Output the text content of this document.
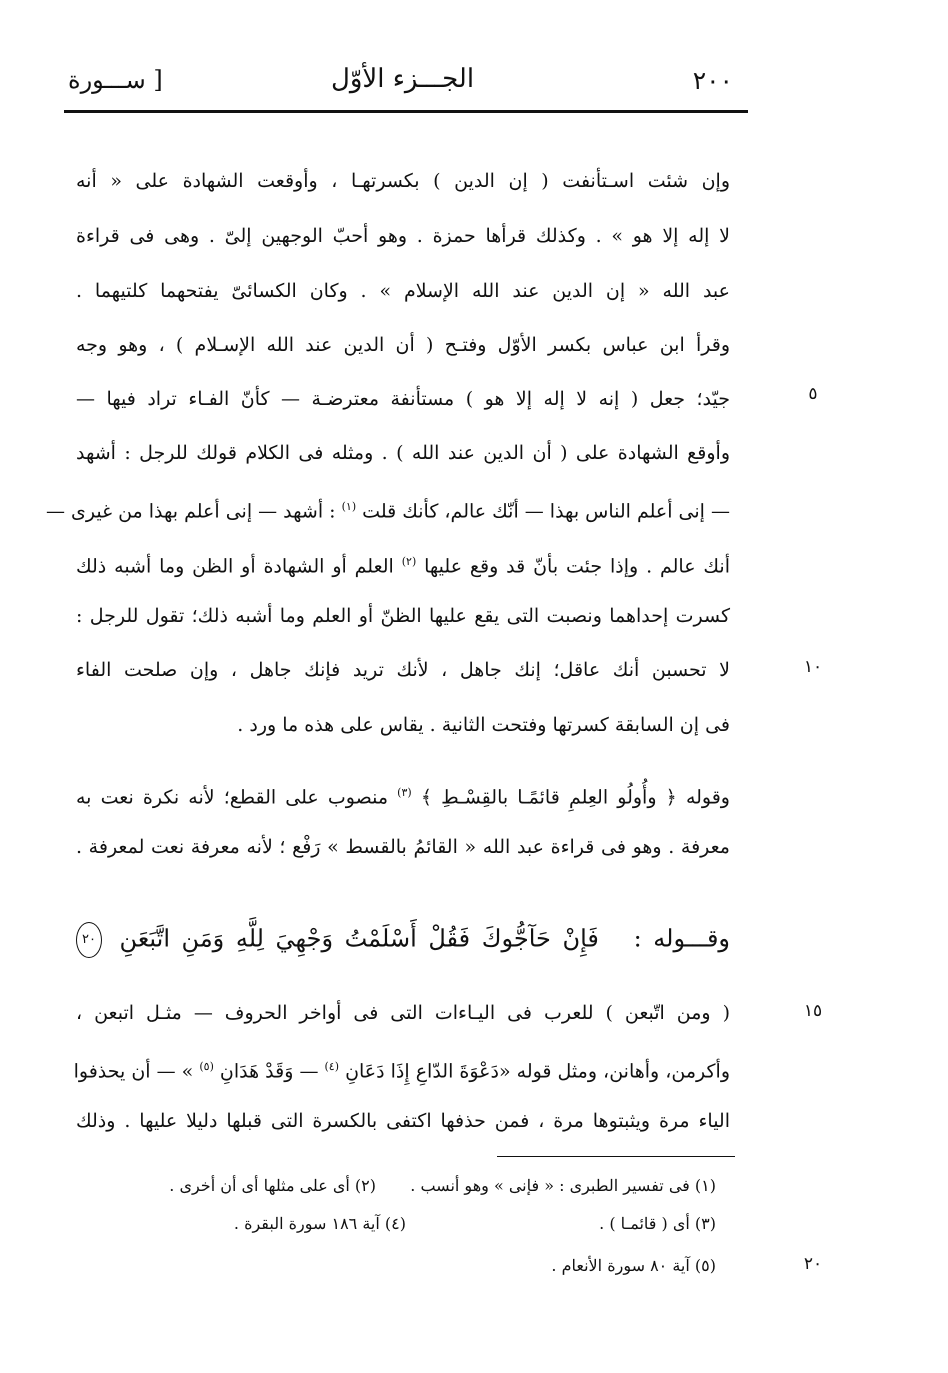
٢٠٠
الجـــزء الأوّل
[ ســـورة
٥
١٠
١٥
٢٠
وإن شئت اسـتأنفت ( إن الدين ) بكسرتهـا ، وأوقعت الشهادة على « أنه
لا إله إلا هو » . وكذلك قرأها حمزة . وهو أحبّ الوجهين إلىّ . وهى فى قراءة
عبد الله « إن الدين عند الله الإسلام » . وكان الكسائىّ يفتحهما كلتيهما .
وقرأ ابن عباس بكسر الأوّل وفتـح ( أن الدين عند الله الإسـلام ) ، وهو وجه
جيّد؛ جعل ( إنه لا إله إلا هو ) مستأنفة معترضـة — كأنّ الفـاء تراد فيها —
وأوقع الشهادة على ( أن الدين عند الله ) . ومثله فى الكلام قولك للرجل : أشهد
— إنى أعلم الناس بهذا — أنّك عالم، كأنك قلت $^{(١)}$ : أشهد — إنى أعلم بهذا من غيرى —
أنك عالم . وإذا جئت بأنّ قد وقع عليها $^{(٢)}$ العلم أو الشهادة أو الظن وما أشبه ذلك
كسرت إحداهما ونصبت التى يقع عليها الظنّ أو العلم وما أشبه ذلك؛ تقول للرجل :
لا تحسبن أنك عاقل؛ إنك جاهل ، لأنك تريد فإنك جاهل ، وإن صلحت الفاء
فى إن السابقة كسرتها وفتحت الثانية . يقاس على هذه ما ورد .
وقوله ﴿ وأُولُو العِلمِ قائمًـا بالقِسْـطِ ﴾ $^{(٣)}$ منصوب على القطع؛ لأنه نكرة نعت به
معرفة . وهو فى قراءة عبد الله « القائمُ بالقسط » رَفْع ؛ لأنه معرفة نعت لمعرفة .
وقـــوله :   فَإِنْ حَآجُّوكَ فَقُلْ أَسْلَمْتُ وَجْهِيَ لِلَّهِ وَمَنِ اتَّبَعَنِ ٢٠
( ومن اتّبعن ) للعرب فى اليـاءات التى فى أواخر الحروف — مثـل اتبعن ،
وأكرمن، وأهانن، ومثل قوله «دَعْوَةَ الدّاعِ إِذَا دَعَانِ $^{(٤)}$ — وَقَدْ هَدَانِ $^{(٥)}$ » — أن يحذفوا
الياء مرة ويثبتوها مرة ، فمن حذفها اكتفى بالكسرة التى قبلها دليلا عليها . وذلك
(١) فى تفسير الطبرى : « فإنى » وهو أنسب .
(٢) أى على مثلها أى أن أخرى .
(٣) أى ( قائمـا ) .
(٤) آية ١٨٦ سورة البقرة .
(٥) آية ٨٠ سورة الأنعام .
